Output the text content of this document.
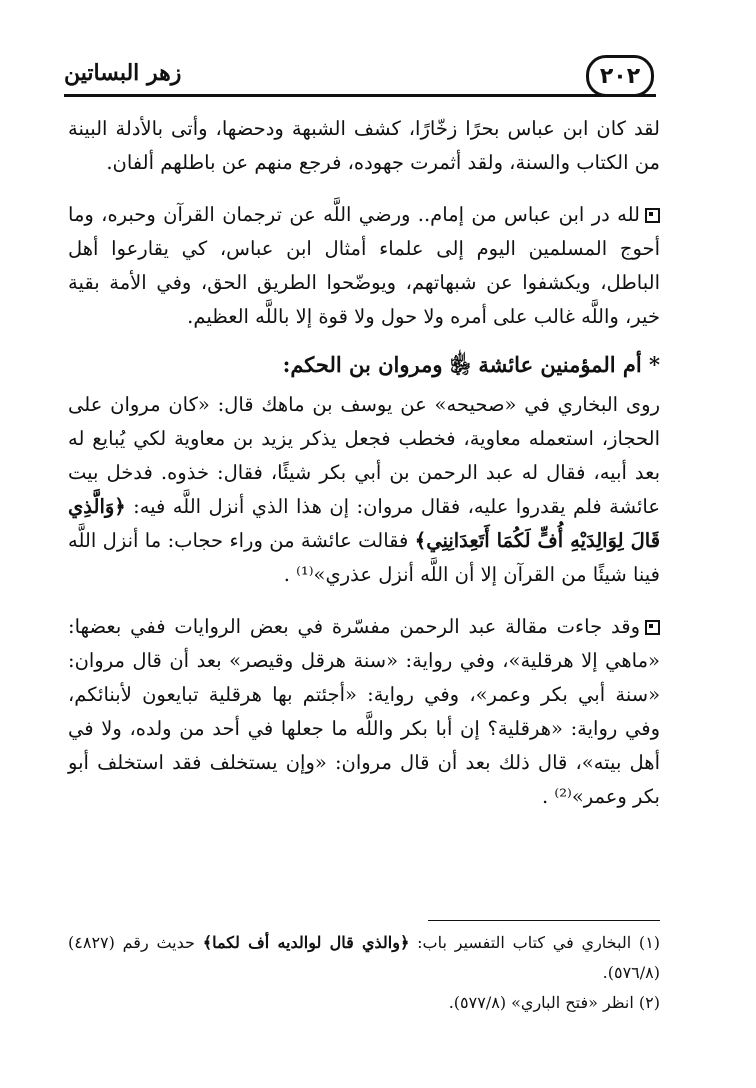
زهر البساتين	٢٠٢

لقد كان ابن عباس بحرًا زخّارًا، كشف الشبهة ودحضها، وأتى بالأدلة البينة من الكتاب والسنة، ولقد أثمرت جهوده، فرجع منهم عن باطلهم ألفان.

لله در ابن عباس من إمام.. ورضي اللَّه عن ترجمان القرآن وحبره، وما أحوج المسلمين اليوم إلى علماء أمثال ابن عباس، كي يقارعوا أهل الباطل، ويكشفوا عن شبهاتهم، ويوضّحوا الطريق الحق، وفي الأمة بقية خير، واللَّه غالب على أمره ولا حول ولا قوة إلا باللَّه العظيم.

* أم المؤمنين عائشة ﵂ ومروان بن الحكم:

روى البخاري في «صحيحه» عن يوسف بن ماهك قال: «كان مروان على الحجاز، استعمله معاوية، فخطب فجعل يذكر يزيد بن معاوية لكي يُبايع له بعد أبيه، فقال له عبد الرحمن بن أبي بكر شيئًا، فقال: خذوه. فدخل بيت عائشة فلم يقدروا عليه، فقال مروان: إن هذا الذي أنزل اللَّه فيه: ﴿وَالَّذِي قَالَ لِوَالِدَيْهِ أُفٍّ لَكُمَا أَتَعِدَانِنِي﴾ فقالت عائشة من وراء حجاب: ما أنزل اللَّه فينا شيئًا من القرآن إلا أن اللَّه أنزل عذري»⁽¹⁾ .

وقد جاءت مقالة عبد الرحمن مفسّرة في بعض الروايات ففي بعضها: «ماهي إلا هرقلية»، وفي رواية: «سنة هرقل وقيصر» بعد أن قال مروان: «سنة أبي بكر وعمر»، وفي رواية: «أجئتم بها هرقلية تبايعون لأبنائكم، وفي رواية: «هرقلية؟ إن أبا بكر واللَّه ما جعلها في أحد من ولده، ولا في أهل بيته»، قال ذلك بعد أن قال مروان: «وإن يستخلف فقد استخلف أبو بكر وعمر»⁽²⁾ .

(١) البخاري في كتاب التفسير باب: ﴿والذي قال لوالديه أف لكما﴾ حديث رقم (٤٨٢٧) (٥٧٦/٨).

(٢) انظر «فتح الباري» (٥٧٧/٨).
